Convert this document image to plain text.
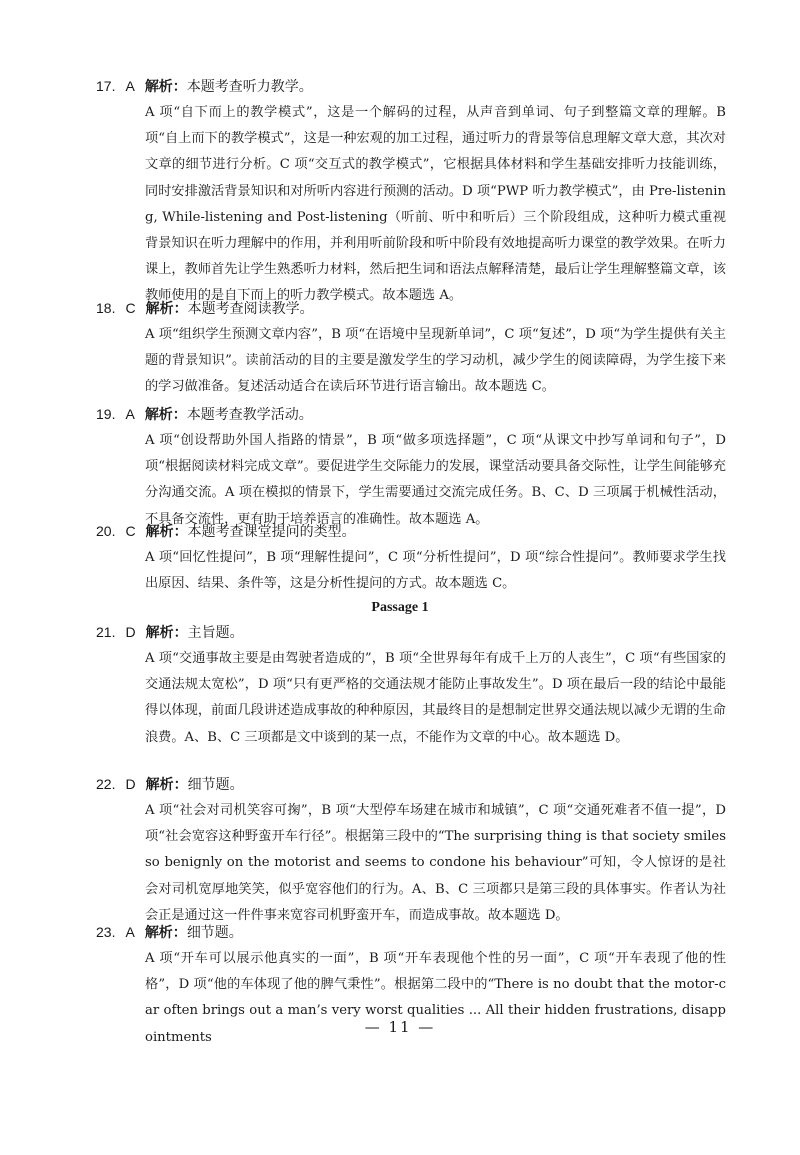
17. A 解析：本题考查听力教学。
A 项“自下而上的教学模式”，这是一个解码的过程，从声音到单词、句子到整篇文章的理解。B 项“自上而下的教学模式”，这是一种宏观的加工过程，通过听力的背景等信息理解文章大意，其次对文章的细节进行分析。C 项“交互式的教学模式”，它根据具体材料和学生基础安排听力技能训练，同时安排激活背景知识和对所听内容进行预测的活动。D 项“PWP 听力教学模式”，由 Pre-listening, While-listening and Post-listening（听前、听中和听后）三个阶段组成，这种听力模式重视背景知识在听力理解中的作用，并利用听前阶段和听中阶段有效地提高听力课堂的教学效果。在听力课上，教师首先让学生熟悉听力材料，然后把生词和语法点解释清楚，最后让学生理解整篇文章，该教师使用的是自下而上的听力教学模式。故本题选 A。
18. C 解析：本题考查阅读教学。
A 项“组织学生预测文章内容”，B 项“在语境中呈现新单词”，C 项“复述”，D 项“为学生提供有关主题的背景知识”。读前活动的目的主要是激发学生的学习动机，减少学生的阅读障碍，为学生接下来的学习做准备。复述活动适合在读后环节进行语言输出。故本题选 C。
19. A 解析：本题考查教学活动。
A 项“创设帮助外国人指路的情景”，B 项“做多项选择题”，C 项“从课文中抄写单词和句子”，D 项“根据阅读材料完成文章”。要促进学生交际能力的发展，课堂活动要具备交际性，让学生间能够充分沟通交流。A 项在模拟的情景下，学生需要通过交流完成任务。B、C、D 三项属于机械性活动，不具备交流性，更有助于培养语言的准确性。故本题选 A。
20. C 解析：本题考查课堂提问的类型。
A 项“回忆性提问”，B 项“理解性提问”，C 项“分析性提问”，D 项“综合性提问”。教师要求学生找出原因、结果、条件等，这是分析性提问的方式。故本题选 C。
Passage 1
21. D 解析：主旨题。
A 项“交通事故主要是由驾驶者造成的”，B 项“全世界每年有成千上万的人丧生”，C 项“有些国家的交通法规太宽松”，D 项“只有更严格的交通法规才能防止事故发生”。D 项在最后一段的结论中最能得以体现，前面几段讲述造成事故的种种原因，其最终目的是想制定世界交通法规以减少无谓的生命浪费。A、B、C 三项都是文中谈到的某一点，不能作为文章的中心。故本题选 D。
22. D 解析：细节题。
A 项“社会对司机笑容可掬”，B 项“大型停车场建在城市和城镇”，C 项“交通死难者不值一提”，D 项“社会宽容这种野蛮开车行径”。根据第三段中的“The surprising thing is that society smiles so benignly on the motorist and seems to condone his behaviour”可知，令人惊讶的是社会对司机宽厚地笑笑，似乎宽容他们的行为。A、B、C 三项都只是第三段的具体事实。作者认为社会正是通过这一件件事来宽容司机野蛮开车，而造成事故。故本题选 D。
23. A 解析：细节题。
A 项“开车可以展示他真实的一面”，B 项“开车表现他个性的另一面”，C 项“开车表现了他的性格”，D 项“他的车体现了他的脾气秉性”。根据第二段中的“There is no doubt that the motor-car often brings out a man’s very worst qualities ... All their hidden frustrations, disappointments
— 11 —
